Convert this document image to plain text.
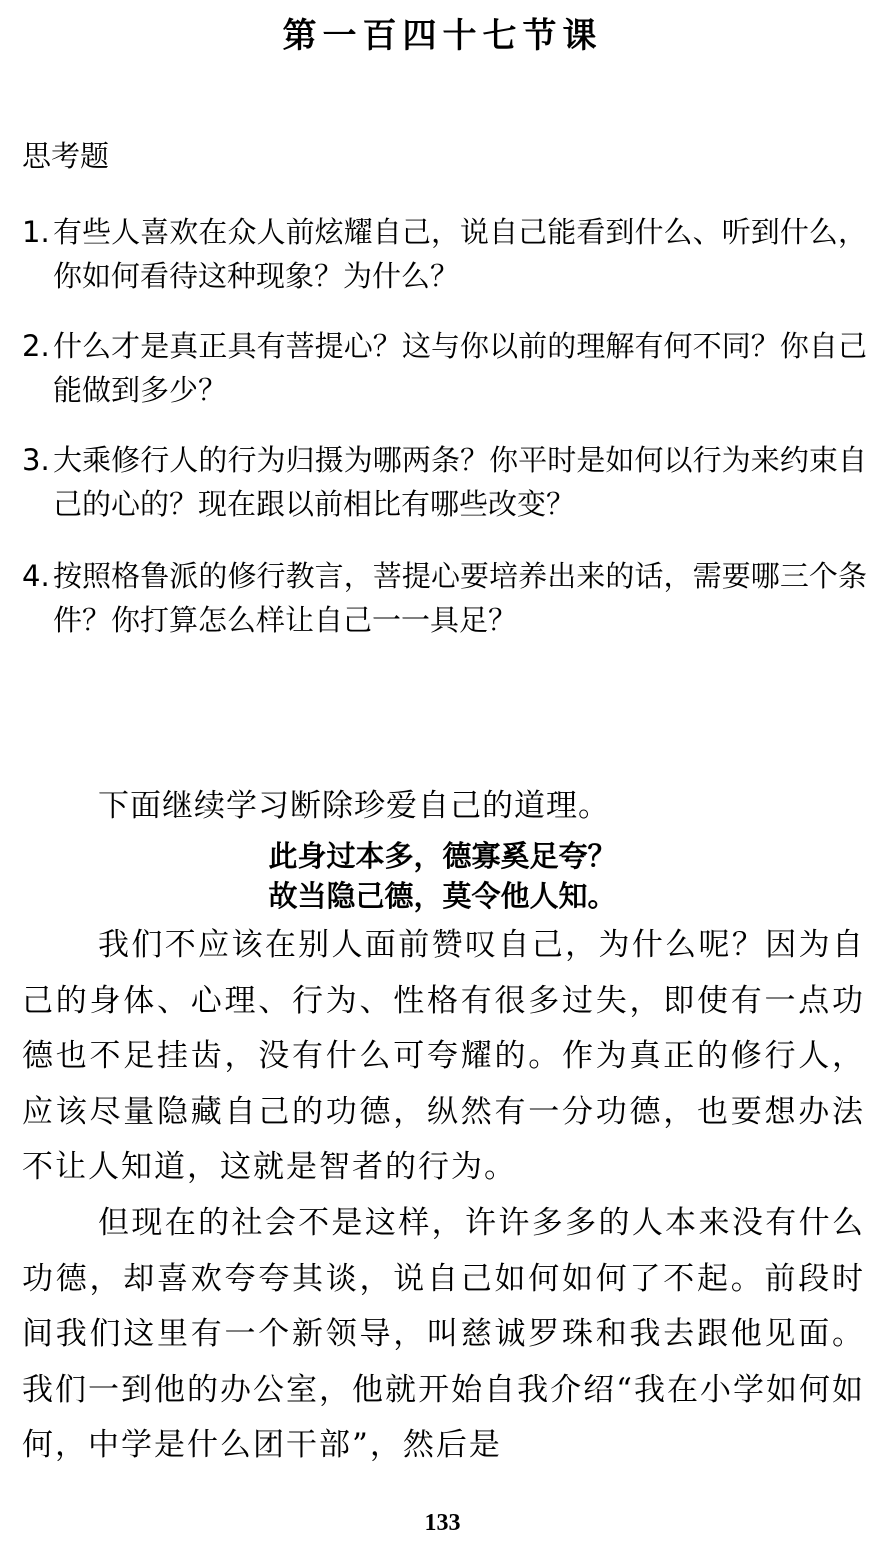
第一百四十七节课
思考题
1. 有些人喜欢在众人前炫耀自己，说自己能看到什么、听到什么，你如何看待这种现象？为什么？
2. 什么才是真正具有菩提心？这与你以前的理解有何不同？你自己能做到多少？
3. 大乘修行人的行为归摄为哪两条？你平时是如何以行为来约束自己的心的？现在跟以前相比有哪些改变？
4. 按照格鲁派的修行教言，菩提心要培养出来的话，需要哪三个条件？你打算怎么样让自己一一具足？
下面继续学习断除珍爱自己的道理。
此身过本多，德寡奚足夸？
故当隐己德，莫令他人知。
我们不应该在别人面前赞叹自己，为什么呢？因为自己的身体、心理、行为、性格有很多过失，即使有一点功德也不足挂齿，没有什么可夸耀的。作为真正的修行人，应该尽量隐藏自己的功德，纵然有一分功德，也要想办法不让人知道，这就是智者的行为。
但现在的社会不是这样，许许多多的人本来没有什么功德，却喜欢夸夸其谈，说自己如何如何了不起。前段时间我们这里有一个新领导，叫慈诚罗珠和我去跟他见面。我们一到他的办公室，他就开始自我介绍“我在小学如何如何，中学是什么团干部”，然后是
133
